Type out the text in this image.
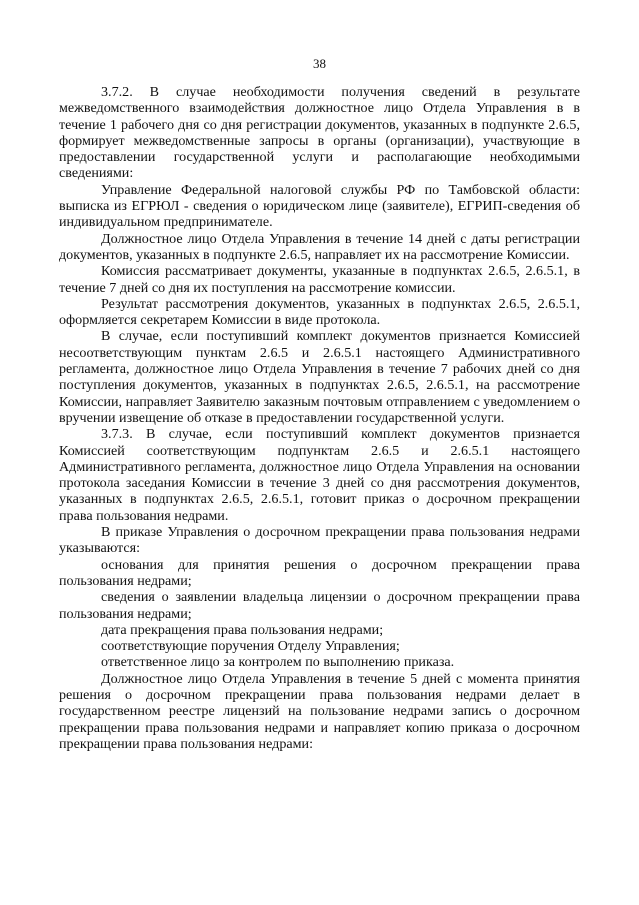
38

3.7.2. В случае необходимости получения сведений в результате межведомственного взаимодействия должностное лицо Отдела Управления в в течение 1 рабочего дня со дня регистрации документов, указанных в подпункте 2.6.5, формирует межведомственные запросы в органы (организации), участвующие в предоставлении государственной услуги и располагающие необходимыми сведениями:

Управление Федеральной налоговой службы РФ по Тамбовской области: выписка из ЕГРЮЛ - сведения о юридическом лице (заявителе), ЕГРИП-сведения об индивидуальном предпринимателе.

Должностное лицо Отдела Управления в течение 14 дней с даты регистрации документов, указанных в подпункте 2.6.5, направляет их на рассмотрение Комиссии.

Комиссия рассматривает документы, указанные в подпунктах 2.6.5, 2.6.5.1, в течение 7 дней со дня их поступления на рассмотрение комиссии.

Результат рассмотрения документов, указанных в подпунктах 2.6.5, 2.6.5.1, оформляется секретарем Комиссии в виде протокола.

В случае, если поступивший комплект документов признается Комиссией несоответствующим пунктам 2.6.5 и 2.6.5.1 настоящего Административного регламента, должностное лицо Отдела Управления в течение 7 рабочих дней со дня поступления документов, указанных в подпунктах 2.6.5, 2.6.5.1, на рассмотрение Комиссии, направляет Заявителю заказным почтовым отправлением с уведомлением о вручении извещение об отказе в предоставлении государственной услуги.

3.7.3. В случае, если поступивший комплект документов признается Комиссией соответствующим подпунктам 2.6.5 и 2.6.5.1 настоящего Административного регламента, должностное лицо Отдела Управления на основании протокола заседания Комиссии в течение 3 дней со дня рассмотрения документов, указанных в подпунктах 2.6.5, 2.6.5.1, готовит приказ о досрочном прекращении права пользования недрами.

В приказе Управления о досрочном прекращении права пользования недрами указываются:

основания для принятия решения о досрочном прекращении права пользования недрами;

сведения о заявлении владельца лицензии о досрочном прекращении права пользования недрами;

дата прекращения права пользования недрами;

соответствующие поручения Отделу Управления;

ответственное лицо за контролем по выполнению приказа.

Должностное лицо Отдела Управления в течение 5 дней с момента принятия решения о досрочном прекращении права пользования недрами делает в государственном реестре лицензий на пользование недрами запись о досрочном прекращении права пользования недрами и направляет копию приказа о досрочном прекращении права пользования недрами:
